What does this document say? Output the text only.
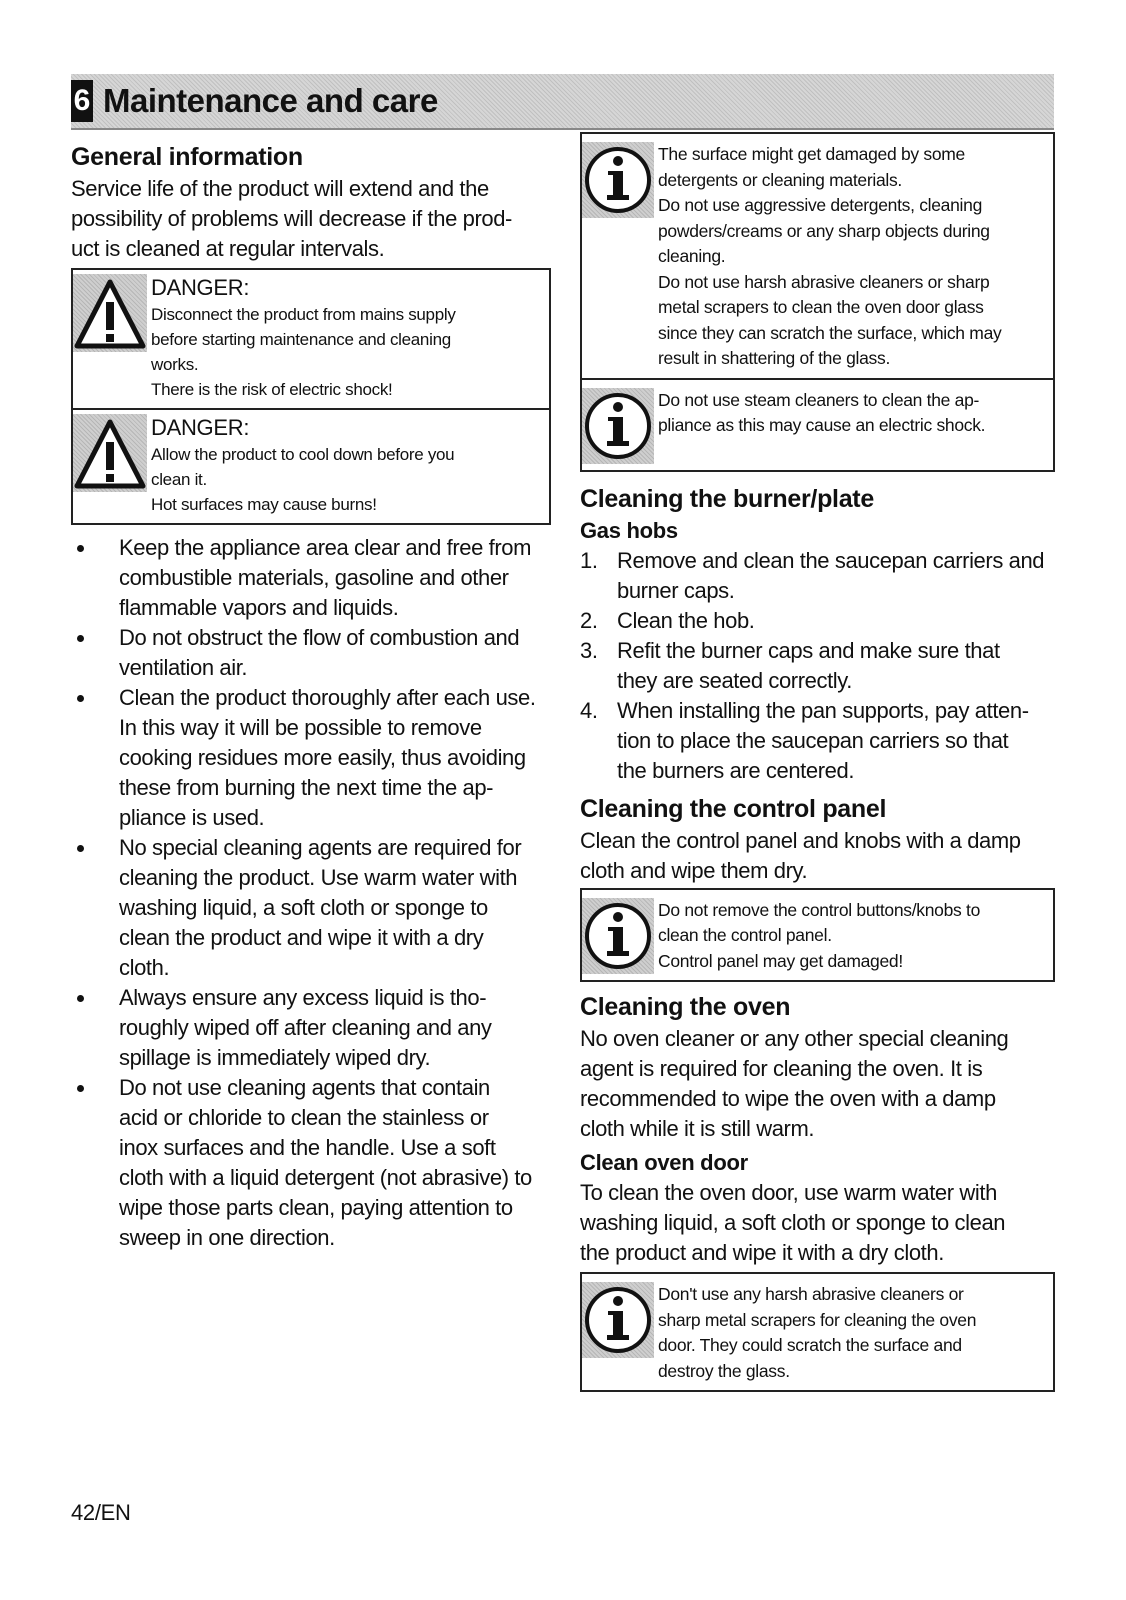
6 Maintenance and care
General information

Service life of the product will extend and the
possibility of problems will decrease if the prod-
uct is cleaned at regular intervals.

DANGER:
Disconnect the product from mains supply
before starting maintenance and cleaning
works.
There is the risk of electric shock!
DANGER:
Allow the product to cool down before you
clean it.
Hot surfaces may cause burns!
Keep the appliance area clear and free from
combustible materials, gasoline and other
flammable vapors and liquids.
Do not obstruct the flow of combustion and
ventilation air.
Clean the product thoroughly after each use.
In this way it will be possible to remove
cooking residues more easily, thus avoiding
these from burning the next time the ap-
pliance is used.
No special cleaning agents are required for
cleaning the product. Use warm water with
washing liquid, a soft cloth or sponge to
clean the product and wipe it with a dry
cloth.
Always ensure any excess liquid is tho-
roughly wiped off after cleaning and any
spillage is immediately wiped dry.
Do not use cleaning agents that contain
acid or chloride to clean the stainless or
inox surfaces and the handle. Use a soft
cloth with a liquid detergent (not abrasive) to
wipe those parts clean, paying attention to
sweep in one direction.
The surface might get damaged by some
detergents or cleaning materials.
Do not use aggressive detergents, cleaning
powders/creams or any sharp objects during
cleaning.
Do not use harsh abrasive cleaners or sharp
metal scrapers to clean the oven door glass
since they can scratch the surface, which may
result in shattering of the glass.
Do not use steam cleaners to clean the ap-
pliance as this may cause an electric shock.
Cleaning the burner/plate
Gas hobs
1. Remove and clean the saucepan carriers and
burner caps.
2. Clean the hob.
3. Refit the burner caps and make sure that
they are seated correctly.
4. When installing the pan supports, pay atten-
tion to place the saucepan carriers so that
the burners are centered.
Cleaning the control panel

Clean the control panel and knobs with a damp
cloth and wipe them dry.

Do not remove the control buttons/knobs to
clean the control panel.
Control panel may get damaged!
Cleaning the oven

No oven cleaner or any other special cleaning
agent is required for cleaning the oven. It is
recommended to wipe the oven with a damp
cloth while it is still warm.

Clean oven door

To clean the oven door, use warm water with
washing liquid, a soft cloth or sponge to clean
the product and wipe it with a dry cloth.

Don't use any harsh abrasive cleaners or
sharp metal scrapers for cleaning the oven
door. They could scratch the surface and
destroy the glass.
42/EN
